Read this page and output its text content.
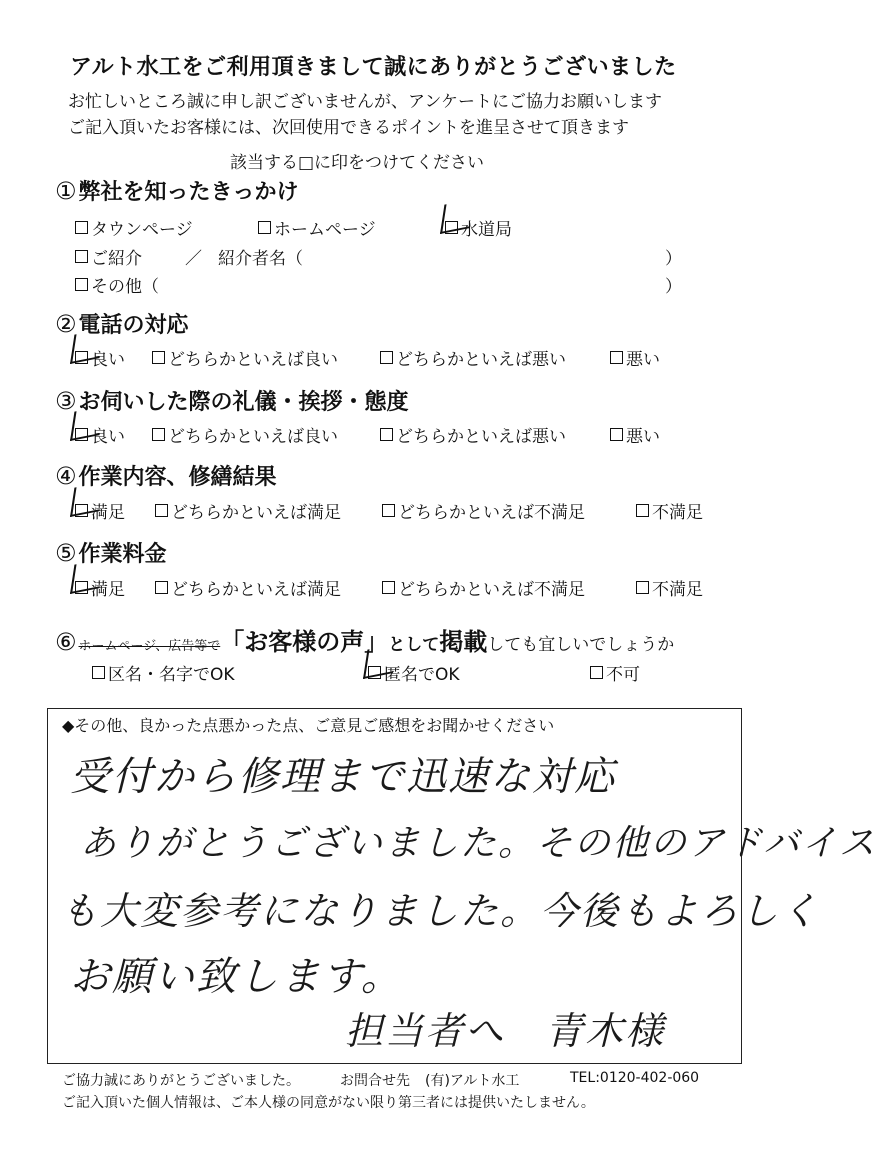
アルト水工をご利用頂きまして誠にありがとうございました
お忙しいところ誠に申し訳ございませんが、アンケートにご協力お願いします
ご記入頂いたお客様には、次回使用できるポイントを進呈させて頂きます
該当する□に印をつけてください
①弊社を知ったきっかけ
タウンページ	ホームページ	水道局
ご紹介	／ 紹介者名（	）
その他（	）
②電話の対応
良い	どちらかといえば良い	どちらかといえば悪い	悪い
③お伺いした際の礼儀・挨拶・態度
良い	どちらかといえば良い	どちらかといえば悪い	悪い
④作業内容、修繕結果
満足	どちらかといえば満足	どちらかといえば不満足	不満足
⑤作業料金
満足	どちらかといえば満足	どちらかといえば不満足	不満足
⑥ ホームページ、広告等で 「お客様の声」 として 掲載 しても宜しいでしょうか
区名・名字でOK	匿名でOK	不可
◆その他、良かった点悪かった点、ご意見ご感想をお聞かせください
受付から修理まで迅速な対応
ありがとうございました。その他のアドバイス
も大変参考になりました。今後もよろしく
お願い致します。
担当者へ　青木様
ご協力誠にありがとうございました。	お問合せ先 (有)アルト水工	TEL:0120-402-060
ご記入頂いた個人情報は、ご本人様の同意がない限り第三者には提供いたしません。
